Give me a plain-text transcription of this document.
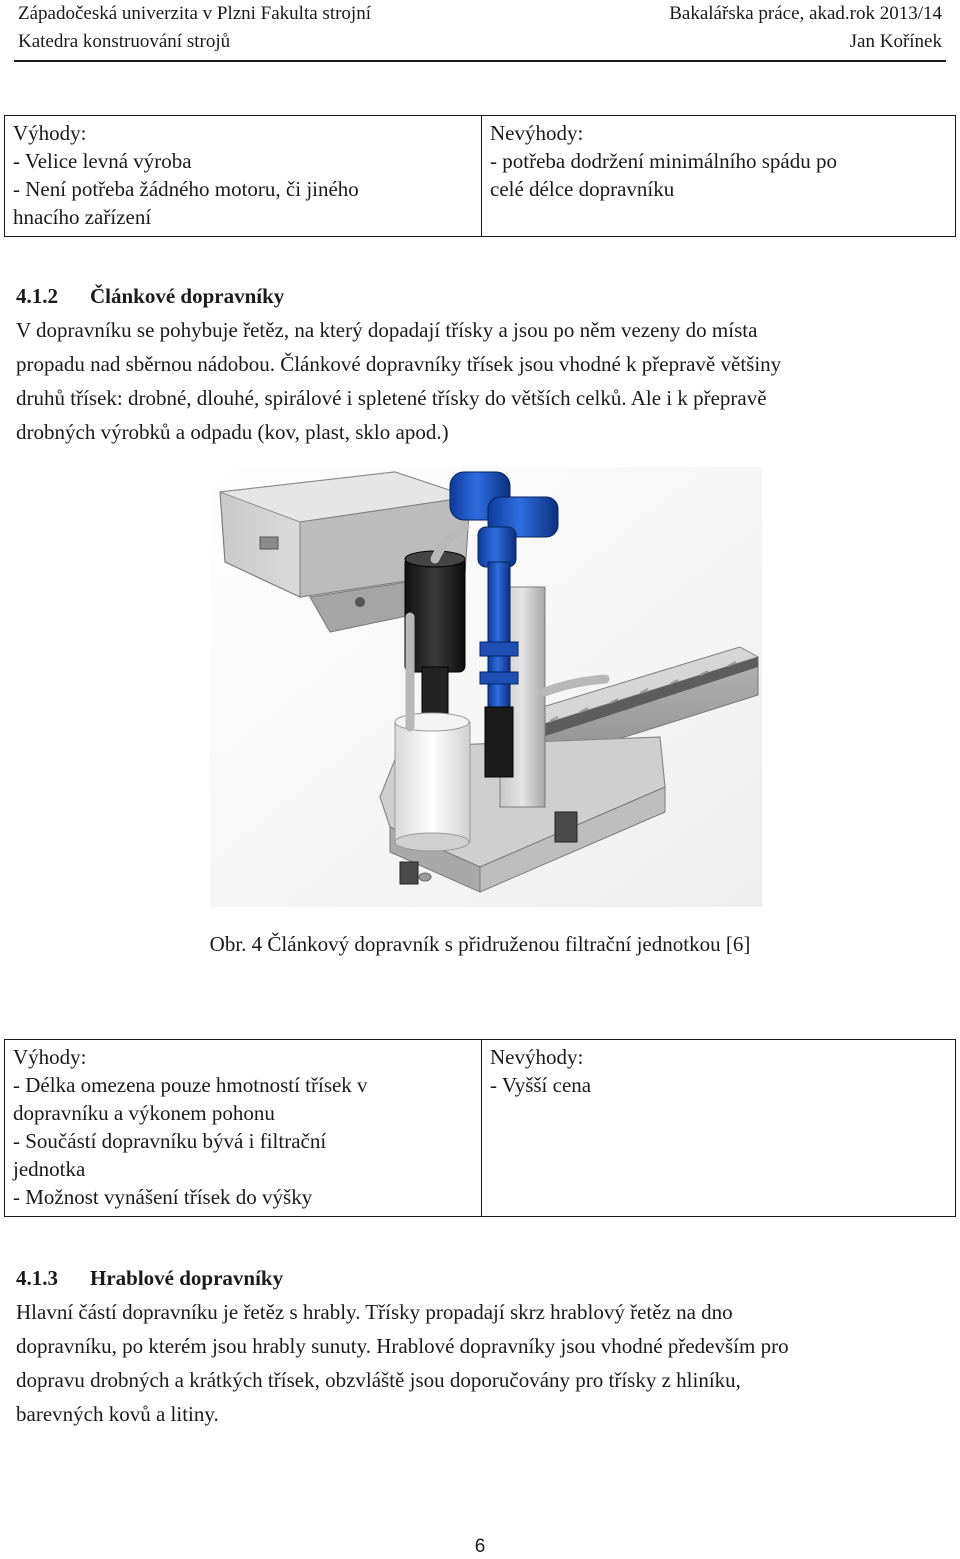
Západočeská univerzita v Plzni Fakulta strojní	Bakalářska práce, akad.rok 2013/14
Katedra konstruování strojů	Jan Kořínek
Výhody:
- Velice levná výroba
- Není potřeba žádného motoru, či jiného
hnacího zařízení

Nevýhody:
- potřeba dodržení minimálního spádu po
celé délce dopravníku
4.1.2 Článkové dopravníky
V dopravníku se pohybuje řetěz, na který dopadají třísky a jsou po něm vezeny do místa
propadu nad sběrnou nádobou. Článkové dopravníky třísek jsou vhodné k přepravě většiny
druhů třísek: drobné, dlouhé, spirálové i spletené třísky do větších celků. Ale i k přepravě
drobných výrobků a odpadu (kov, plast, sklo apod.)
Obr. 4 Článkový dopravník s přidruženou filtrační jednotkou [6]
Výhody:
- Délka omezena pouze hmotností třísek v
dopravníku a výkonem pohonu
- Součástí dopravníku bývá i filtrační
jednotka
- Možnost vynášení třísek do výšky

Nevýhody:
- Vyšší cena
4.1.3 Hrablové dopravníky
Hlavní částí dopravníku je řetěz s hrably. Třísky propadají skrz hrablový řetěz na dno
dopravníku, po kterém jsou hrably sunuty. Hrablové dopravníky jsou vhodné především pro
dopravu drobných a krátkých třísek, obzvláště jsou doporučovány pro třísky z hliníku,
barevných kovů a litiny.
6
